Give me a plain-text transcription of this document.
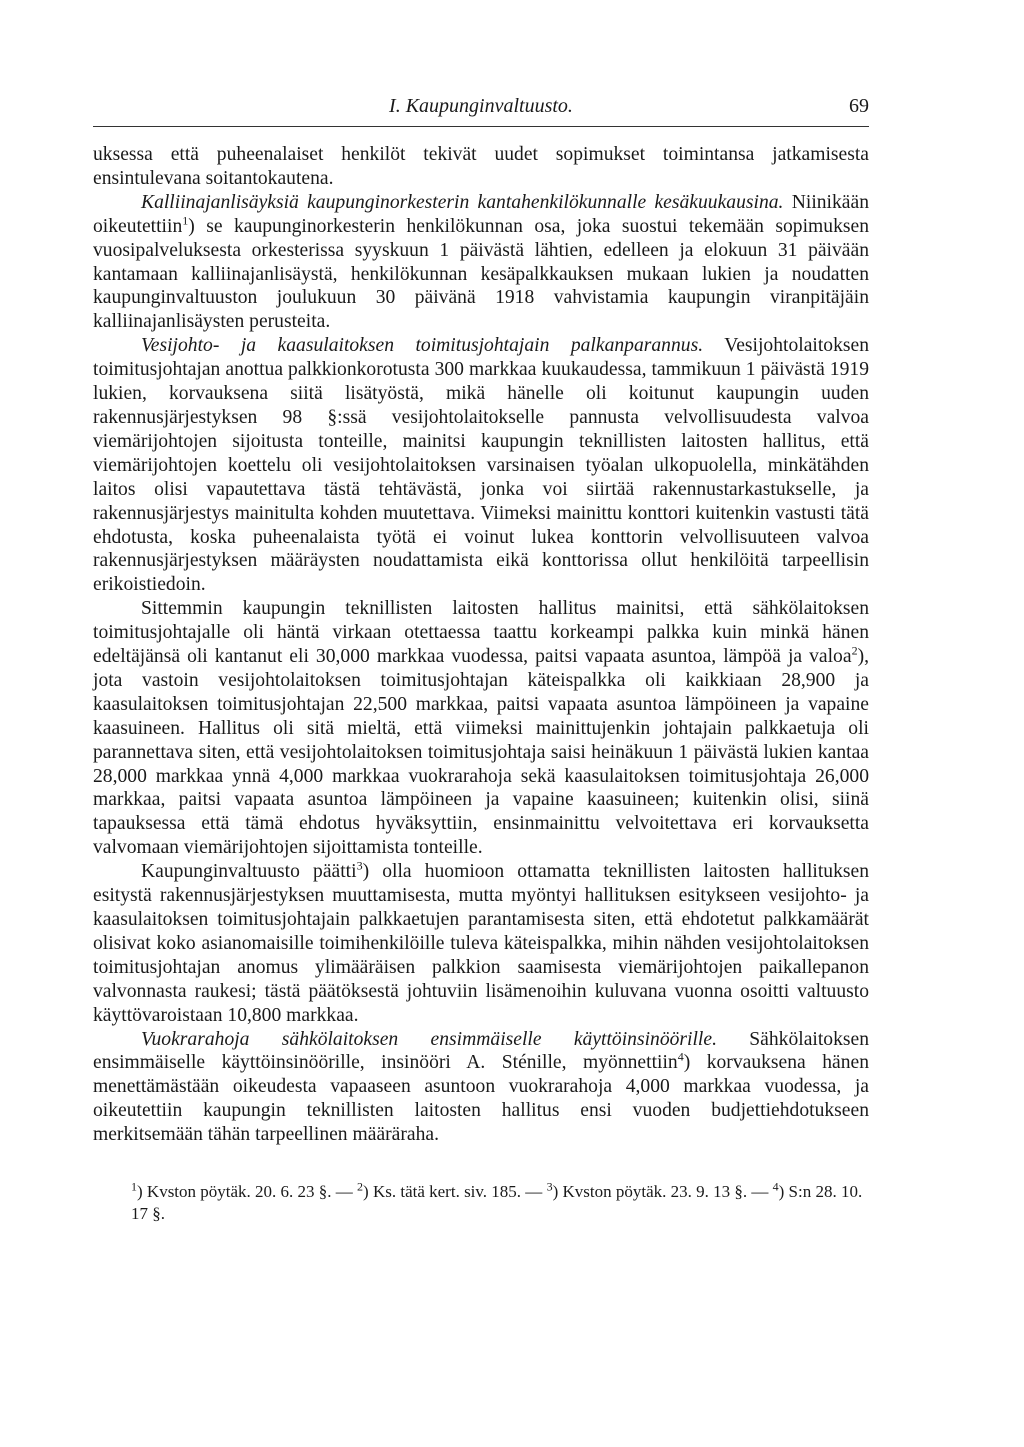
I. Kaupunginvaltuusto.	69

uksessa että puheenalaiset henkilöt tekivät uudet sopimukset toimintansa jatkamisesta ensintulevana soitantokautena.

Kalliinajanlisäyksiä kaupunginorkesterin kantahenkilökunnalle kesäkuukausina. Niinikään oikeutettiin$^1$) se kaupunginorkesterin henkilökunnan osa, joka suostui tekemään sopimuksen vuosipalveluksesta orkesterissa syyskuun 1 päivästä lähtien, edelleen ja elokuun 31 päivään kantamaan kalliinajanlisäystä, henkilökunnan kesäpalkkauksen mukaan lukien ja noudatten kaupunginvaltuuston joulukuun 30 päivänä 1918 vahvistamia kaupungin viranpitäjäin kalliinajanlisäysten perusteita.

Vesijohto- ja kaasulaitoksen toimitusjohtajain palkanparannus. Vesijohtolaitoksen toimitusjohtajan anottua palkkionkorotusta 300 markkaa kuukaudessa, tammikuun 1 päivästä 1919 lukien, korvauksena siitä lisätyöstä, mikä hänelle oli koitunut kaupungin uuden rakennusjärjestyksen 98 §:ssä vesijohtolaitokselle pannusta velvollisuudesta valvoa viemärijohtojen sijoitusta tonteille, mainitsi kaupungin teknillisten laitosten hallitus, että viemärijohtojen koettelu oli vesijohtolaitoksen varsinaisen työalan ulkopuolella, minkätähden laitos olisi vapautettava tästä tehtävästä, jonka voi siirtää rakennustarkastukselle, ja rakennusjärjestys mainitulta kohden muutettava. Viimeksi mainittu konttori kuitenkin vastusti tätä ehdotusta, koska puheenalaista työtä ei voinut lukea konttorin velvollisuuteen valvoa rakennusjärjestyksen määräysten noudattamista eikä konttorissa ollut henkilöitä tarpeellisin erikoistiedoin.

Sittemmin kaupungin teknillisten laitosten hallitus mainitsi, että sähkölaitoksen toimitusjohtajalle oli häntä virkaan otettaessa taattu korkeampi palkka kuin minkä hänen edeltäjänsä oli kantanut eli 30,000 markkaa vuodessa, paitsi vapaata asuntoa, lämpöä ja valoa$^2$), jota vastoin vesijohtolaitoksen toimitusjohtajan käteispalkka oli kaikkiaan 28,900 ja kaasulaitoksen toimitusjohtajan 22,500 markkaa, paitsi vapaata asuntoa lämpöineen ja vapaine kaasuineen. Hallitus oli sitä mieltä, että viimeksi mainittujenkin johtajain palkkaetuja oli parannettava siten, että vesijohtolaitoksen toimitusjohtaja saisi heinäkuun 1 päivästä lukien kantaa 28,000 markkaa ynnä 4,000 markkaa vuokrarahoja sekä kaasulaitoksen toimitusjohtaja 26,000 markkaa, paitsi vapaata asuntoa lämpöineen ja vapaine kaasuineen; kuitenkin olisi, siinä tapauksessa että tämä ehdotus hyväksyttiin, ensinmainittu velvoitettava eri korvauksetta valvomaan viemärijohtojen sijoittamista tonteille.

Kaupunginvaltuusto päätti$^3$) olla huomioon ottamatta teknillisten laitosten hallituksen esitystä rakennusjärjestyksen muuttamisesta, mutta myöntyi hallituksen esitykseen vesijohto- ja kaasulaitoksen toimitusjohtajain palkkaetujen parantamisesta siten, että ehdotetut palkkamäärät olisivat koko asianomaisille toimihenkilöille tuleva käteispalkka, mihin nähden vesijohtolaitoksen toimitusjohtajan anomus ylimääräisen palkkion saamisesta viemärijohtojen paikallepanon valvonnasta raukesi; tästä päätöksestä johtuviin lisämenoihin kuluvana vuonna osoitti valtuusto käyttövaroistaan 10,800 markkaa.

Vuokrarahoja sähkölaitoksen ensimmäiselle käyttöinsinöörille. Sähkölaitoksen ensimmäiselle käyttöinsinöörille, insinööri A. Sténille, myönnettiin$^4$) korvauksena hänen menettämästään oikeudesta vapaaseen asuntoon vuokrarahoja 4,000 markkaa vuodessa, ja oikeutettiin kaupungin teknillisten laitosten hallitus ensi vuoden budjettiehdotukseen merkitsemään tähän tarpeellinen määräraha.

$^1$) Kvston pöytäk. 20. 6. 23 §. — $^2$) Ks. tätä kert. siv. 185. — $^3$) Kvston pöytäk. 23. 9. 13 §. — $^4$) S:n 28. 10. 17 §.
